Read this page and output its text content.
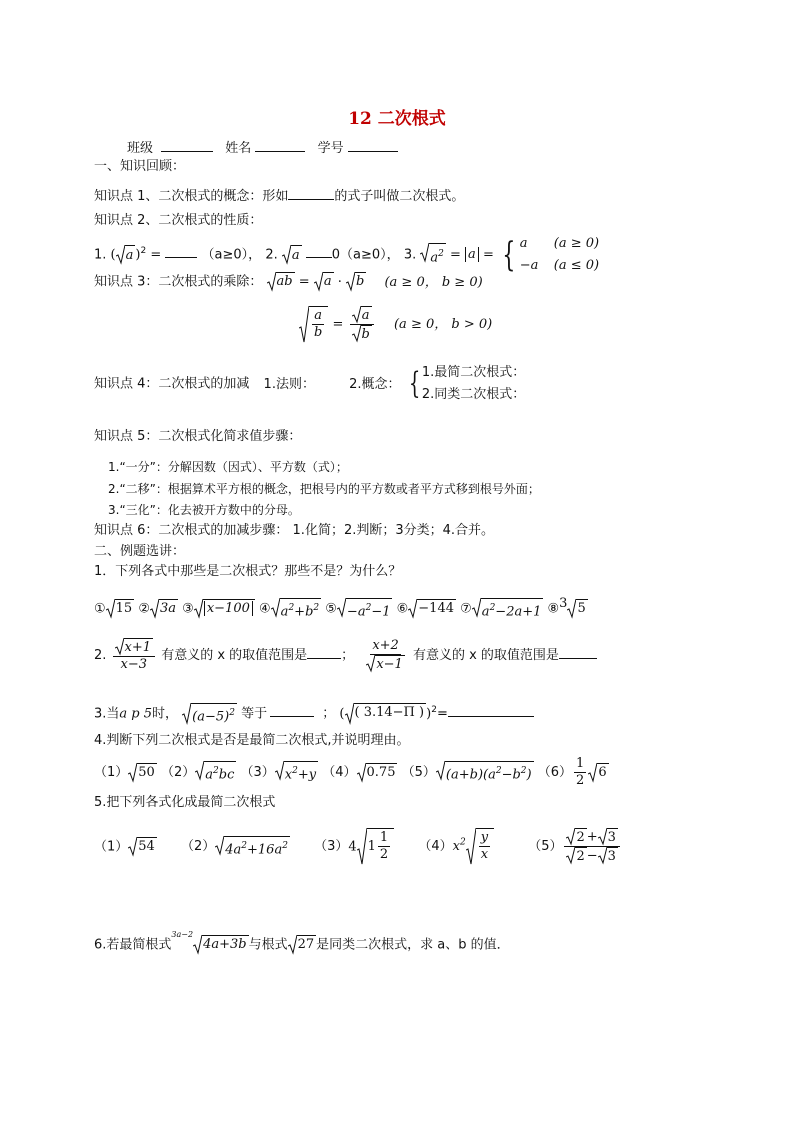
12 二次根式
班级	姓名	学号
一、知识回顾：
知识点 1、二次根式的概念：形如	的式子叫做二次根式。
知识点 2、二次根式的性质：
1. ( a )$^2$ =	（a≥0）， 2. a 0（a≥0）， 3. $a^2 = a$ = { a (a ≥ 0)
−a (a ≤ 0)
知识点 3：二次根式的乘除： ab = a · b (a ≥ 0， b ≥ 0)
$\frac{a}{b} = \frac{a}{b} (a \ge 0$， b > 0)
知识点 4：二次根式的加减 1.法则：	2.概念： { 1.最简二次根式：
2.同类二次根式：
知识点 5：二次根式化简求值步骤：
1.“一分”：分解因数（因式）、平方数（式）；
2.“二移”：根据算术平方根的概念，把根号内的平方数或者平方式移到根号外面；
3.“三化”：化去被开方数中的分母。
知识点 6：二次根式的加减步骤： 1.化简；2.判断；3分类；4.合并。
二、例题选讲：
1．下列各式中那些是二次根式？那些不是？为什么？
① 15 ② 3a ③	x−100 ④ $a^2+b^2$ ⑤ $-a^2-1$ ⑥ −144 ⑦ $a^2-2a+1$ ⑧$^3$ 5
2. $\frac{x+1}{x-3}$ 有意义的 x 的取值范围是	； $\frac{x+2}{x-1}$ 有意义的 x 的取值范围是
3.当a p 5时， $(a-5)^2$ 等于	； ( ( 3.14−Π ) )$^2$=
4.判断下列二次根式是否是最简二次根式,并说明理由。
（1） 50 （2） $a^2bc$ （3） $x^2+y$ （4） 0.75 （5） $(a+b)(a^2-b^2)$ $(6) \frac{1}{2} 6$
5.把下列各式化成最简二次根式
（1） 54 （2） $4a^2+16a^2$ （3）4 $1 \frac{1}{2} (4)x^2 \frac{y}{x}$	$(5) \frac{2 + 3}{2 - 3}$
6.若最简根式$^{3a-2}$
4a+3b 与根式 27 是同类二次根式，求 a、b 的值．
